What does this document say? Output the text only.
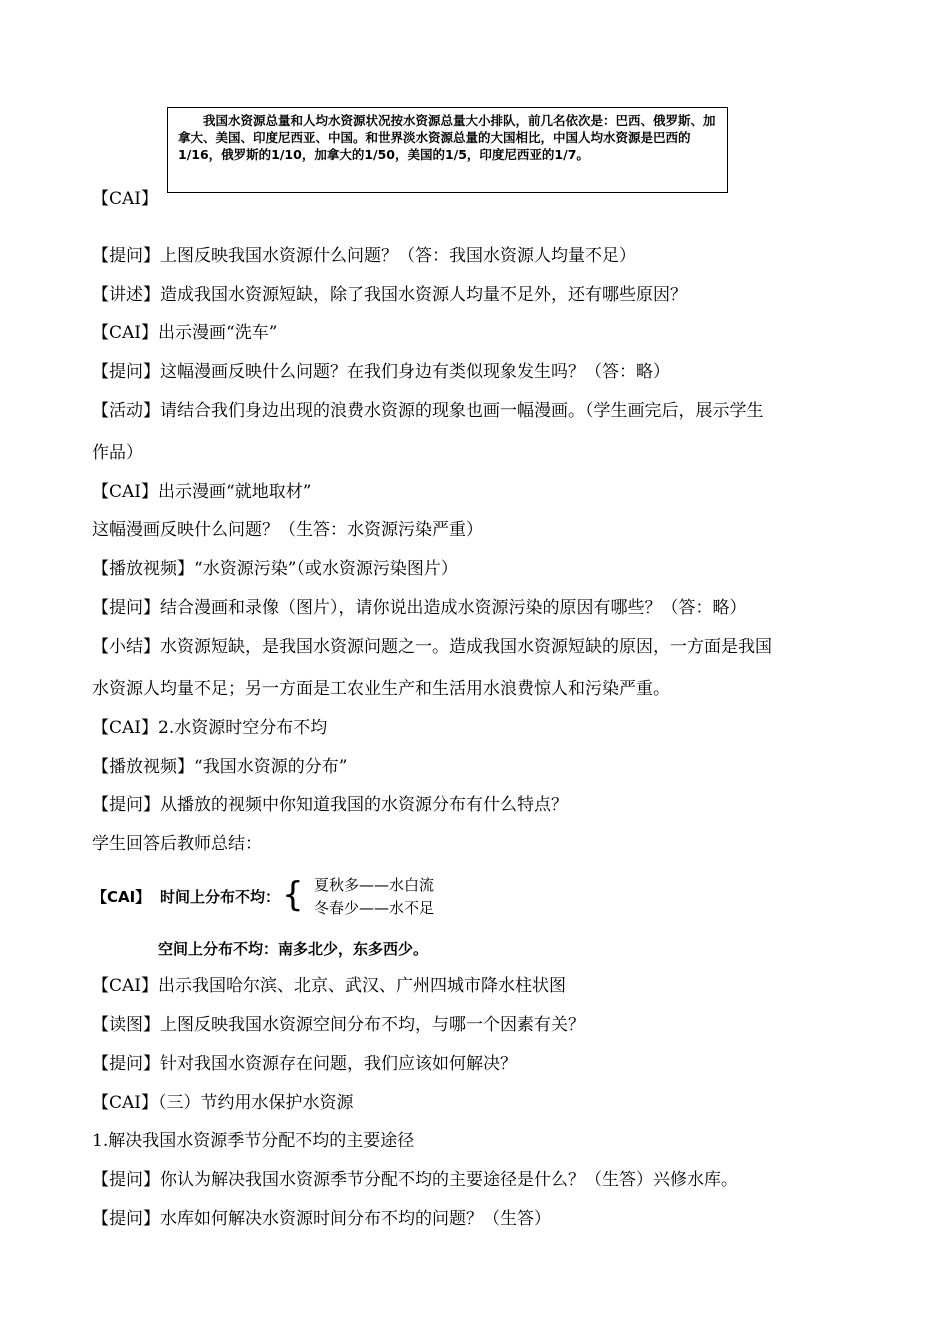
我国水资源总量和人均水资源状况按水资源总量大小排队，前几名依次是：巴西、俄罗斯、加拿大、美国、印度尼西亚、中国。和世界淡水资源总量的大国相比，中国人均水资源是巴西的1/16，俄罗斯的1/10，加拿大的1/50，美国的1/5，印度尼西亚的1/7。

【CAI】
【提问】上图反映我国水资源什么问题？（答：我国水资源人均量不足）
【讲述】造成我国水资源短缺，除了我国水资源人均量不足外，还有哪些原因？
【CAI】出示漫画“洗车”
【提问】这幅漫画反映什么问题？在我们身边有类似现象发生吗？（答：略）
【活动】请结合我们身边出现的浪费水资源的现象也画一幅漫画。（学生画完后，展示学生
作品）
【CAI】出示漫画“就地取材”
这幅漫画反映什么问题？（生答：水资源污染严重）
【播放视频】“水资源污染”（或水资源污染图片）
【提问】结合漫画和录像（图片），请你说出造成水资源污染的原因有哪些？（答：略）
【小结】水资源短缺，是我国水资源问题之一。造成我国水资源短缺的原因，一方面是我国
水资源人均量不足；另一方面是工农业生产和生活用水浪费惊人和污染严重。
【CAI】2.水资源时空分布不均
【播放视频】“我国水资源的分布”
【提问】从播放的视频中你知道我国的水资源分布有什么特点？
学生回答后教师总结：
【CAI】 时间上分布不均： { 夏秋多——水白流
冬春少——水不足
空间上分布不均：南多北少，东多西少。
【CAI】出示我国哈尔滨、北京、武汉、广州四城市降水柱状图
【读图】上图反映我国水资源空间分布不均，与哪一个因素有关？
【提问】针对我国水资源存在问题，我们应该如何解决？
【CAI】（三）节约用水保护水资源
1.解决我国水资源季节分配不均的主要途径
【提问】你认为解决我国水资源季节分配不均的主要途径是什么？（生答）兴修水库。
【提问】水库如何解决水资源时间分布不均的问题？（生答）
